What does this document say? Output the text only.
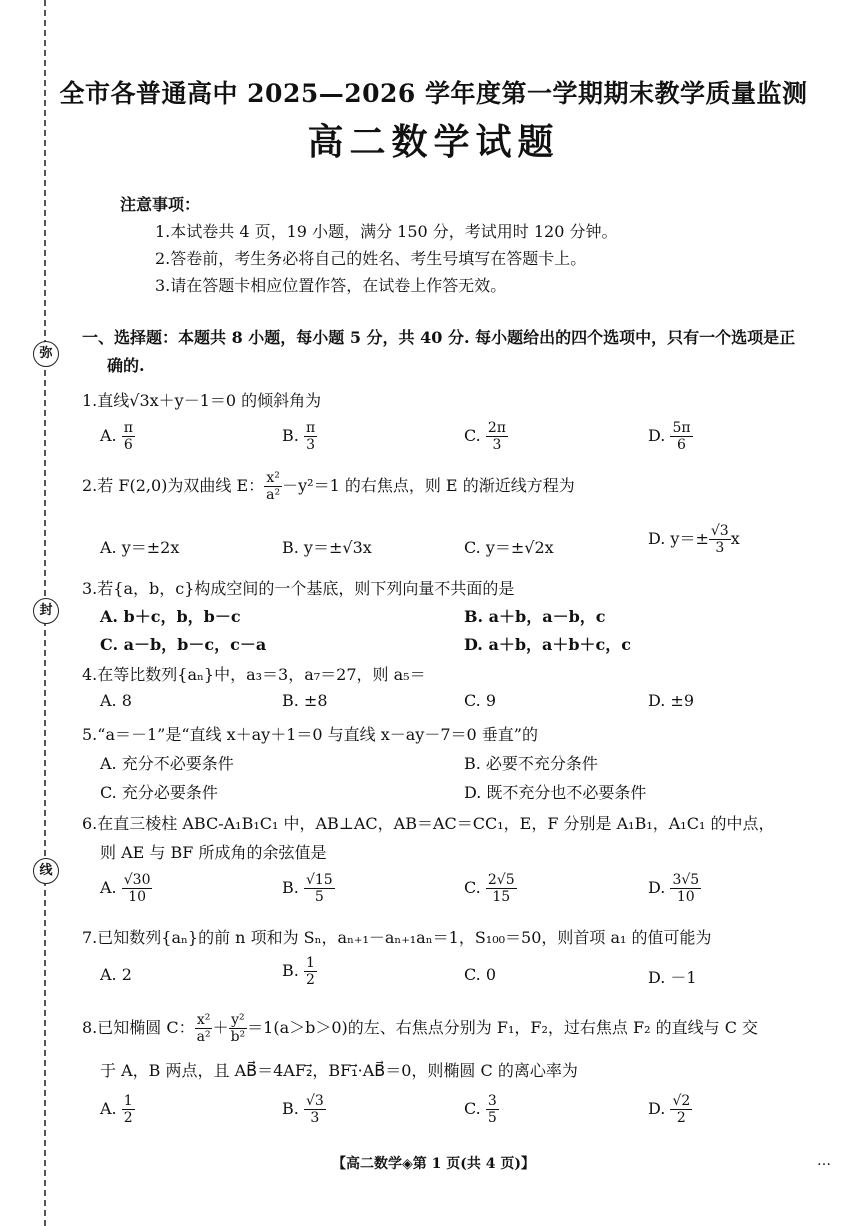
弥
封
线
全市各普通高中 2025—2026 学年度第一学期期末教学质量监测
高二数学试题
注意事项：
1.本试卷共 4 页，19 小题，满分 150 分，考试用时 120 分钟。
2.答卷前，考生务必将自己的姓名、考生号填写在答题卡上。
3.请在答题卡相应位置作答，在试卷上作答无效。
一、选择题：本题共 8 小题，每小题 5 分，共 40 分. 每小题给出的四个选项中，只有一个选项是正
确的.
1.直线√3x＋y－1＝0 的倾斜角为
A. $\frac{\pi}{6}$	B. $\frac{\pi}{3}$	C. $\frac{2\pi}{3}$	D. $\frac{5\pi}{6}$
2.若 F(2,0)为双曲线 E： $\frac{\text{x²}}{\text{a²}} -y^2=1$ 的右焦点，则 E 的渐近线方程为
A. y＝±2x	B. y＝±√3x	C. y＝±√2x	D. $y=\pm \frac{√3}{3}$ x
3.若{a，b，c}构成空间的一个基底，则下列向量不共面的是
A. b＋c，b，b－c	B. a＋b，a－b，c
C. a－b，b－c，c－a	D. a＋b，a＋b＋c，c
4.在等比数列{aₙ}中，a₃＝3，a₇＝27，则 a₅＝
A. 8	B. ±8	C. 9	D. ±9
5.“a＝－1”是“直线 x＋ay＋1＝0 与直线 x－ay－7＝0 垂直”的
A. 充分不必要条件	B. 必要不充分条件
C. 充分必要条件	D. 既不充分也不必要条件
6.在直三棱柱 ABC-A₁B₁C₁ 中，AB⊥AC，AB＝AC＝CC₁，E，F 分别是 A₁B₁，A₁C₁ 的中点，
则 AE 与 BF 所成角的余弦值是
A. $\frac{√30}{10}$	B. $\frac{√15}{5}$	C. $\frac{2√5}{15}$	D. $\frac{3√5}{10}$
7.已知数列{aₙ}的前 n 项和为 Sₙ，aₙ₊₁－aₙ₊₁aₙ＝1，S₁₀₀＝50，则首项 a₁ 的值可能为
A. 2	B. $\frac{1}{2}$	C. 0	D. －1
8.已知椭圆 C： $\frac{\text{x²}}{\text{a²}} + \frac{\text{y²}}{\text{b²}} =1(a>b>0)$的左、右焦点分别为 F₁，F₂，过右焦点 F₂ 的直线与 C 交
于 A，B 两点，且 AB⃗＝4AF₂⃗，BF₁⃗·AB⃗＝0，则椭圆 C 的离心率为
A. $\frac{1}{2}$	B. $\frac{√3}{3}$	C. $\frac{3}{5}$	D. $\frac{√2}{2}$
【高二数学◈第 1 页(共 4 页)】	…
